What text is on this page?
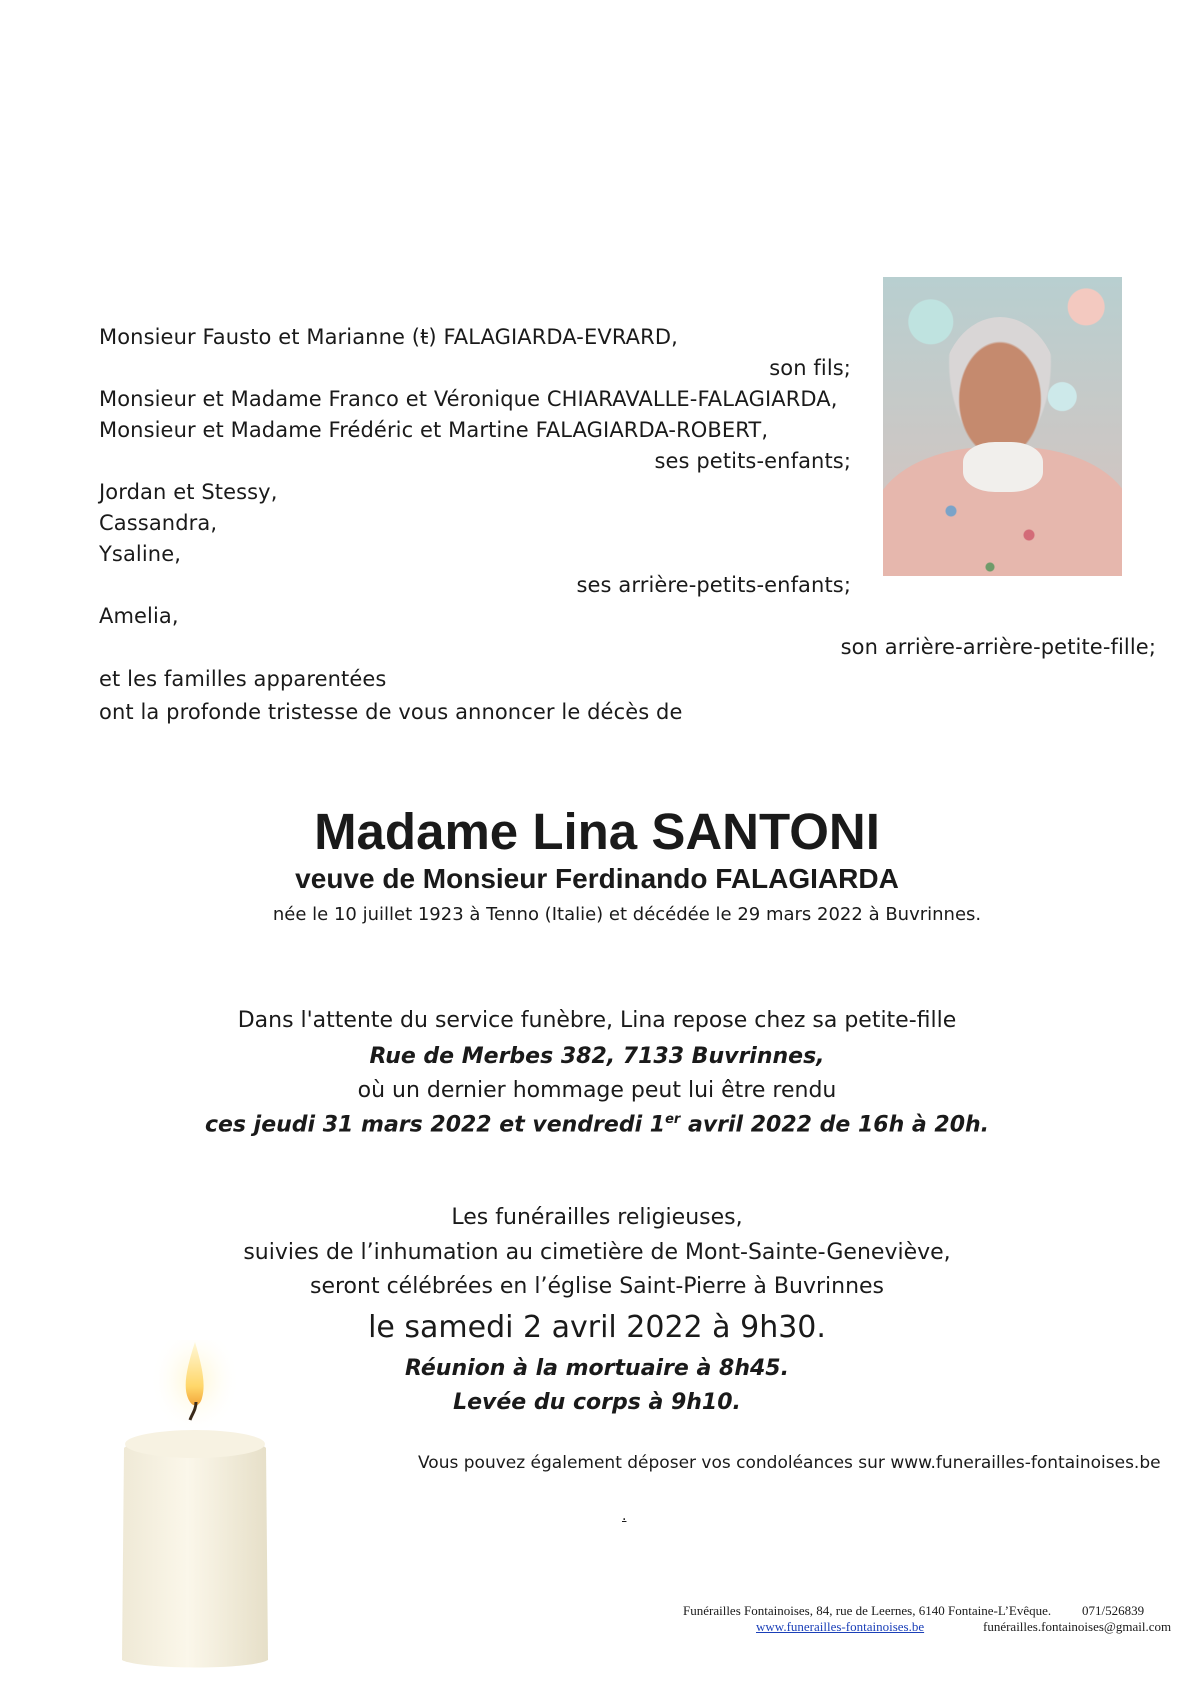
Monsieur Fausto et Marianne (ŧ) FALAGIARDA-EVRARD,
son fils;
Monsieur et Madame Franco et Véronique CHIARAVALLE-FALAGIARDA,
Monsieur et Madame Frédéric et Martine FALAGIARDA-ROBERT,
ses petits-enfants;
Jordan et Stessy,
Cassandra,
Ysaline,
ses arrière-petits-enfants;
Amelia,
son arrière-arrière-petite-fille;
et les familles apparentées
ont la profonde tristesse de vous annoncer le décès de
Madame Lina SANTONI
veuve de Monsieur Ferdinando FALAGIARDA
née le 10 juillet 1923 à Tenno (Italie) et décédée le 29 mars 2022 à Buvrinnes.
Dans l'attente du service funèbre, Lina repose chez sa petite-fille
Rue de Merbes 382, 7133 Buvrinnes,
où un dernier hommage peut lui être rendu
ces jeudi 31 mars 2022 et vendredi 1er avril 2022 de 16h à 20h.
Les funérailles religieuses,
suivies de l’inhumation au cimetière de Mont-Sainte-Geneviève,
seront célébrées en l’église Saint-Pierre à Buvrinnes
le samedi 2 avril 2022 à 9h30.
Réunion à la mortuaire à 8h45.
Levée du corps à 9h10.
Vous pouvez également déposer vos condoléances sur www.funerailles-fontainoises.be
.
Funérailles Fontainoises, 84, rue de Leernes, 6140 Fontaine-L’Evêque. 071/526839
www.funerailles-fontainoises.be	funérailles.fontainoises@gmail.com
